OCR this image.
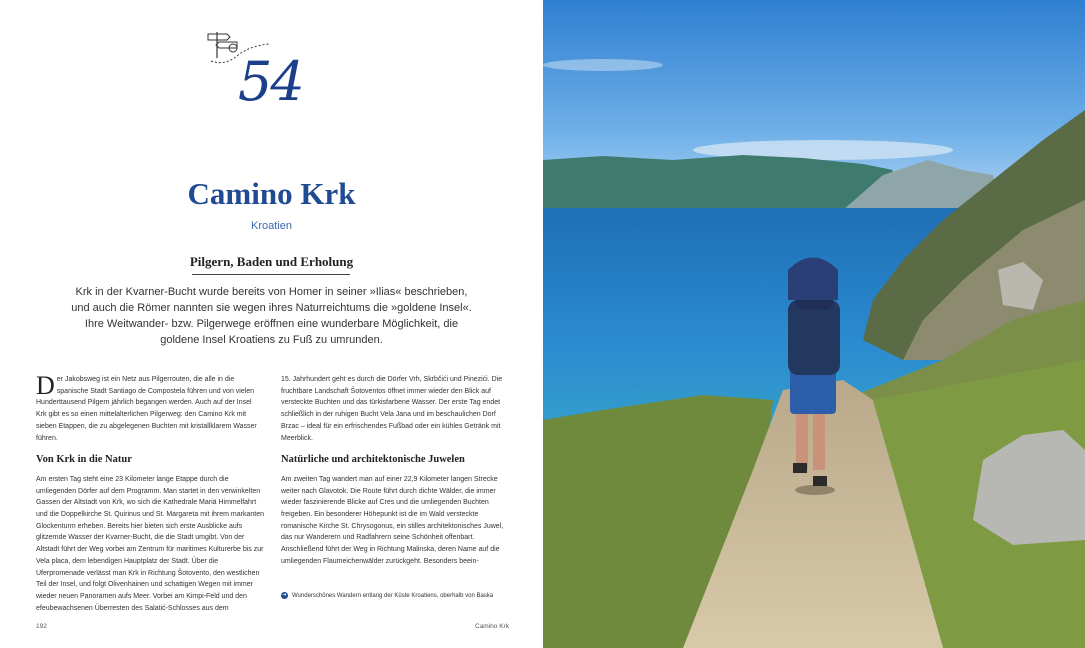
54
Camino Krk
Kroatien
Pilgern, Baden und Erholung
Krk in der Kvarner-Bucht wurde bereits von Homer in seiner »Ilias« beschrieben, und auch die Römer nannten sie wegen ihres Naturreichtums die »goldene Insel«. Ihre Weitwander- bzw. Pilgerwege eröffnen eine wunderbare Möglichkeit, die goldene Insel Kroatiens zu Fuß zu umrunden.

Der Jakobsweg ist ein Netz aus Pilgerrouten, die alle in die spanische Stadt Santiago de Compostela führen und von vielen Hunderttausend Pilgern jährlich begangen werden. Auch auf der Insel Krk gibt es so einen mittelalterlichen Pilgerweg: den Camino Krk mit sieben Etappen, die zu abgelegenen Buchten mit kristallklarem Wasser führen.

Von Krk in die Natur

Am ersten Tag steht eine 23 Kilometer lange Etappe durch die umliegenden Dörfer auf dem Programm. Man startet in den verwinkelten Gassen der Altstadt von Krk, wo sich die Kathedrale Mariä Himmelfahrt und die Doppelkirche St. Quirinus und St. Margareta mit ihrem markanten Glockenturm erheben. Bereits hier bieten sich erste Ausblicke aufs glitzernde Wasser der Kvarner-Bucht, die die Stadt umgibt. Von der Altstadt führt der Weg vorbei am Zentrum für maritimes Kulturerbe bis zur Vela placa, dem lebendigen Hauptplatz der Stadt. Über die Uferpromenade verlässt man Krk in Richtung Šotovento, den westlichen Teil der Insel, und folgt Olivenhainen und schattigen Wegen mit immer wieder neuen Panoramen aufs Meer. Vorbei am Kimpi-Feld und den efeubewachsenen Überresten des Salatić-Schlosses aus dem

15. Jahrhundert geht es durch die Dörfer Vrh, Skrbčići und Pinezići. Die fruchtbare Landschaft Šotoventos öffnet immer wieder den Blick auf versteckte Buchten und das türkisfarbene Wasser. Der erste Tag endet schließlich in der ruhigen Bucht Vela Jana und im beschaulichen Dorf Brzac – ideal für ein erfrischendes Fußbad oder ein kühles Getränk mit Meerblick.

Natürliche und architektonische Juwelen

Am zweiten Tag wandert man auf einer 22,9 Kilometer langen Strecke weiter nach Glavotok. Die Route führt durch dichte Wälder, die immer wieder faszinierende Blicke auf Cres und die umliegenden Buchten freigeben. Ein besonderer Höhepunkt ist die im Wald versteckte romanische Kirche St. Chrysogonus, ein stilles architektonisches Juwel, das nur Wanderern und Radfahrern seine Schönheit offenbart. Anschließend führt der Weg in Richtung Malinska, deren Name auf die umliegenden Flaumeichenwälder zurückgeht. Besonders beein-

➜ Wunderschönes Wandern entlang der Küste Kroatiens, oberhalb von Baska
192	Camino Krk
